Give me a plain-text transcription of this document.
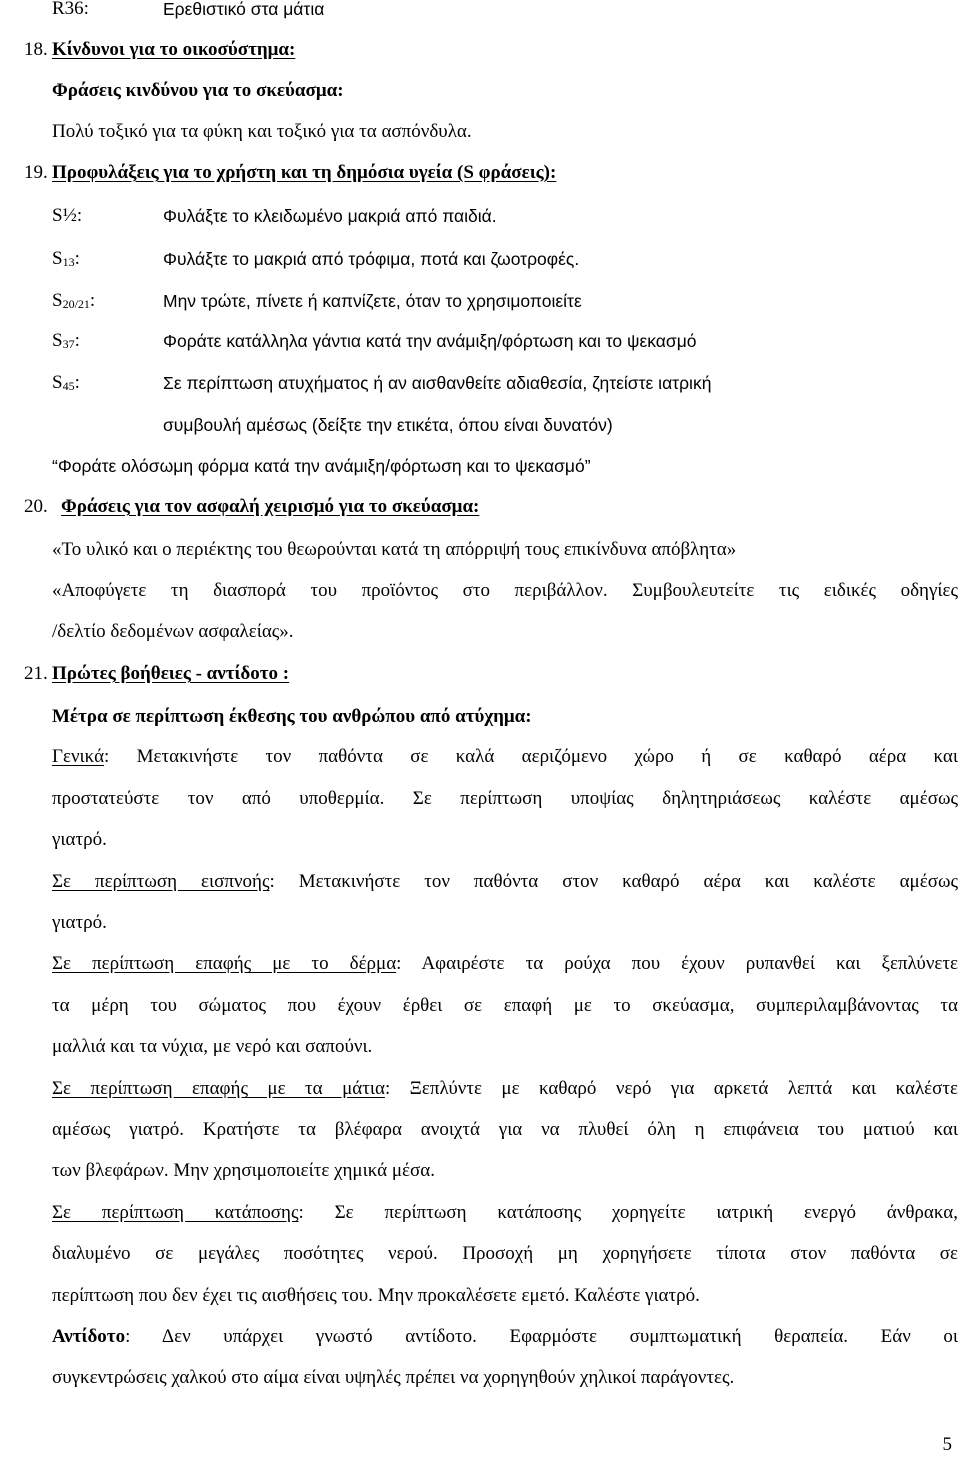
R36:	Ερεθιστικό στα μάτια
18. Κίνδυνοι για το οικοσύστημα:
Φράσεις κινδύνου για το σκεύασμα:
Πολύ τοξικό για τα φύκη και τοξικό για τα ασπόνδυλα.
19. Προφυλάξεις για το χρήστη και τη δημόσια υγεία (S φράσεις):
S½:	Φυλάξτε το κλειδωμένο μακριά από παιδιά.
$S_{13}$:	Φυλάξτε το μακριά από τρόφιμα, ποτά και ζωοτροφές.
$S_{20/21}$:	Μην τρώτε, πίνετε ή καπνίζετε, όταν το χρησιμοποιείτε
$S_{37}$:	Φοράτε κατάλληλα γάντια κατά την ανάμιξη/φόρτωση και το ψεκασμό
$S_{45}$:	Σε περίπτωση ατυχήματος ή αν αισθανθείτε αδιαθεσία, ζητείστε ιατρική
συμβουλή αμέσως (δείξτε την ετικέτα, όπου είναι δυνατόν)
“Φοράτε ολόσωμη φόρμα κατά την ανάμιξη/φόρτωση και το ψεκασμό”
20. Φράσεις για τον ασφαλή χειρισμό για το σκεύασμα:
«Το υλικό και ο περιέκτης του θεωρούνται κατά τη απόρριψή τους επικίνδυνα απόβλητα»
«Αποφύγετε τη διασπορά του προϊόντος στο περιβάλλον. Συμβουλευτείτε τις ειδικές οδηγίες
/δελτίο δεδομένων ασφαλείας».
21. Πρώτες βοήθειες - αντίδοτο :
Μέτρα σε περίπτωση έκθεσης του ανθρώπου από ατύχημα:
Γενικά: Μετακινήστε τον παθόντα σε καλά αεριζόμενο χώρο ή σε καθαρό αέρα και
προστατεύστε τον από υποθερμία. Σε περίπτωση υποψίας δηλητηριάσεως καλέστε αμέσως
γιατρό.
Σε περίπτωση εισπνοής: Μετακινήστε τον παθόντα στον καθαρό αέρα και καλέστε αμέσως
γιατρό.
Σε περίπτωση επαφής με το δέρμα: Αφαιρέστε τα ρούχα που έχουν ρυπανθεί και ξεπλύνετε
τα μέρη του σώματος που έχουν έρθει σε επαφή με το σκεύασμα, συμπεριλαμβάνοντας τα
μαλλιά και τα νύχια, με νερό και σαπούνι.
Σε περίπτωση επαφής με τα μάτια: Ξεπλύντε με καθαρό νερό για αρκετά λεπτά και καλέστε
αμέσως γιατρό. Κρατήστε τα βλέφαρα ανοιχτά για να πλυθεί όλη η επιφάνεια του ματιού και
των βλεφάρων. Μην χρησιμοποιείτε χημικά μέσα.
Σε περίπτωση κατάποσης: Σε περίπτωση κατάποσης χορηγείτε ιατρική ενεργό άνθρακα,
διαλυμένο σε μεγάλες ποσότητες νερού. Προσοχή μη χορηγήσετε τίποτα στον παθόντα σε
περίπτωση που δεν έχει τις αισθήσεις του. Μην προκαλέσετε εμετό. Καλέστε γιατρό.
Αντίδοτο: Δεν υπάρχει γνωστό αντίδοτο. Εφαρμόστε συμπτωματική θεραπεία. Εάν οι
συγκεντρώσεις χαλκού στο αίμα είναι υψηλές πρέπει να χορηγηθούν χηλικοί παράγοντες.
5
